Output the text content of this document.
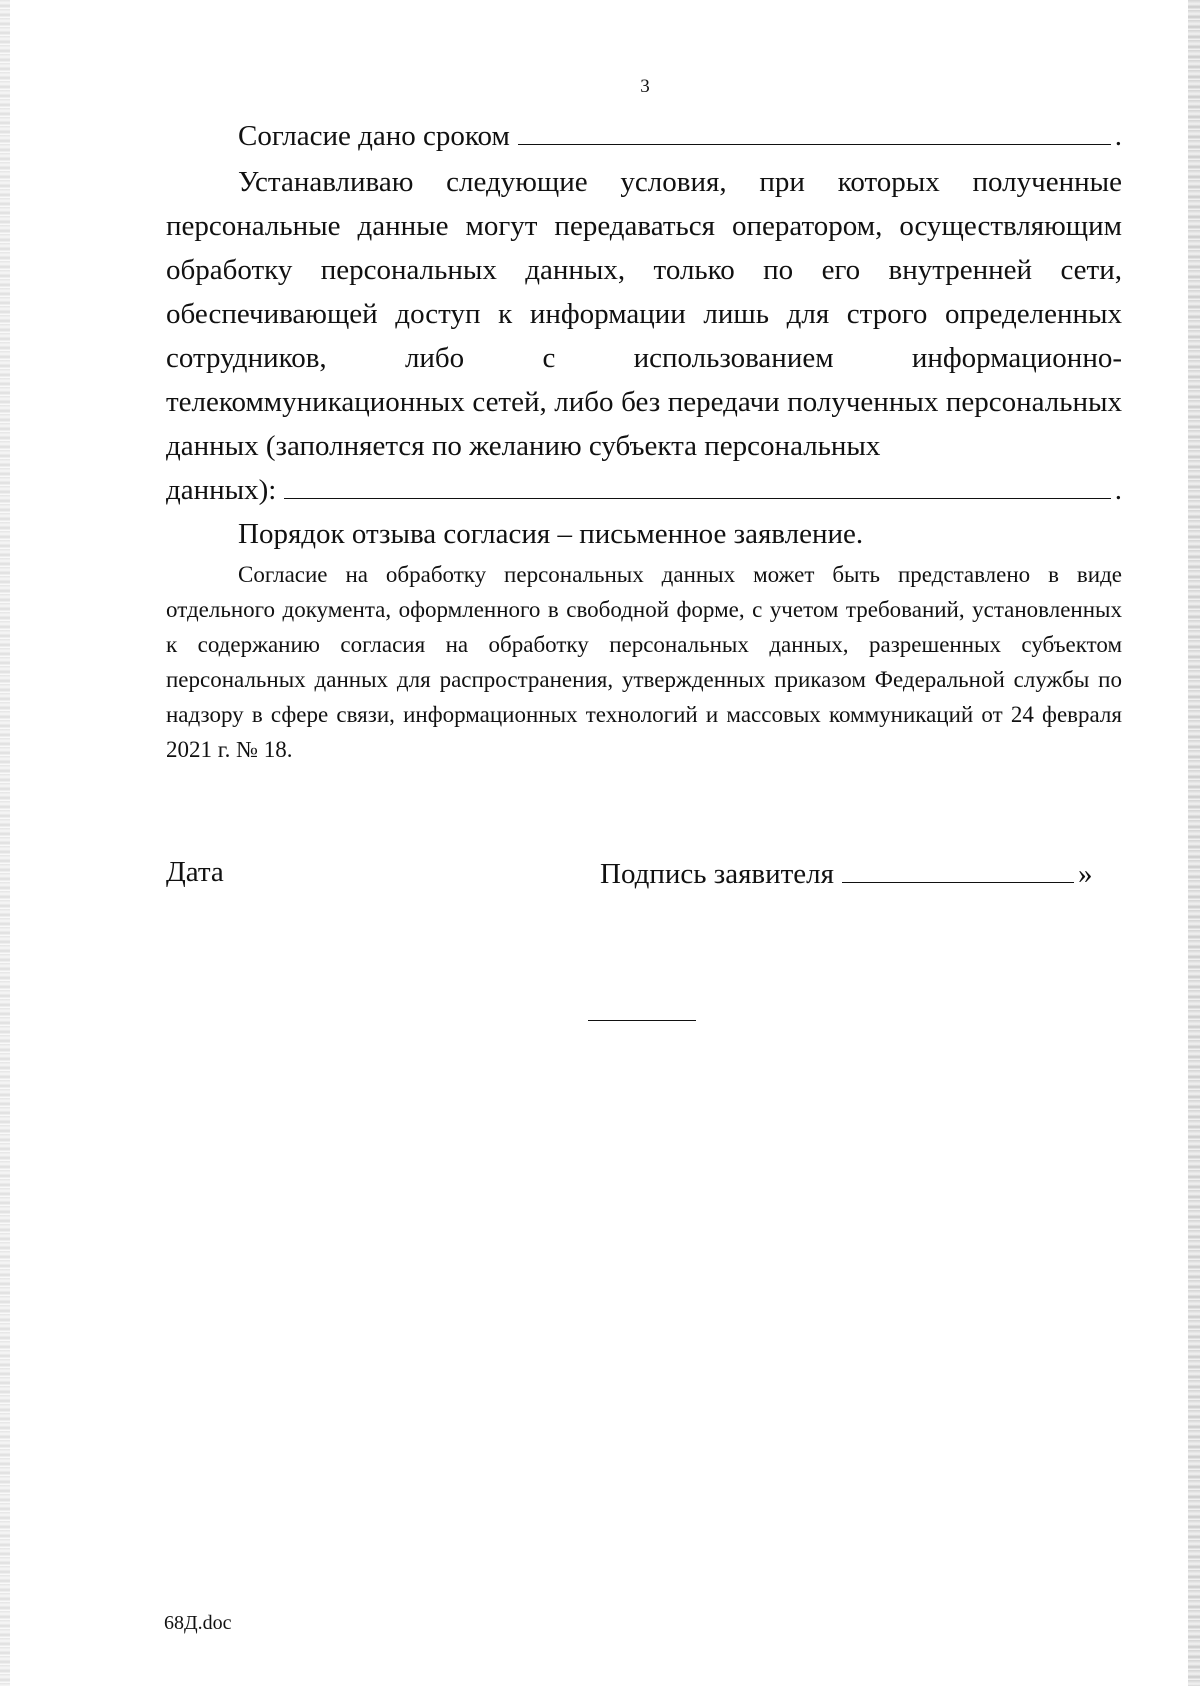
3

Согласие дано сроком	.

Устанавливаю следующие условия, при которых полученные персональные данные могут передаваться оператором, осуществляющим обработку персональных данных, только по его внутренней сети, обеспечивающей доступ к информации лишь для строго определенных сотрудников, либо с использованием информационно-телекоммуникационных сетей, либо без передачи полученных персональных данных (заполняется по желанию субъекта персональных

данных):	.

Порядок отзыва согласия – письменное заявление.

Согласие на обработку персональных данных может быть представлено в виде отдельного документа, оформленного в свободной форме, с учетом требований, установленных к содержанию согласия на обработку персональных данных, разрешенных субъектом персональных данных для распространения, утвержденных приказом Федеральной службы по надзору в сфере связи, информационных технологий и массовых коммуникаций от 24 февраля 2021 г. № 18.

Дата	Подпись заявителя	»

68Д.doc
